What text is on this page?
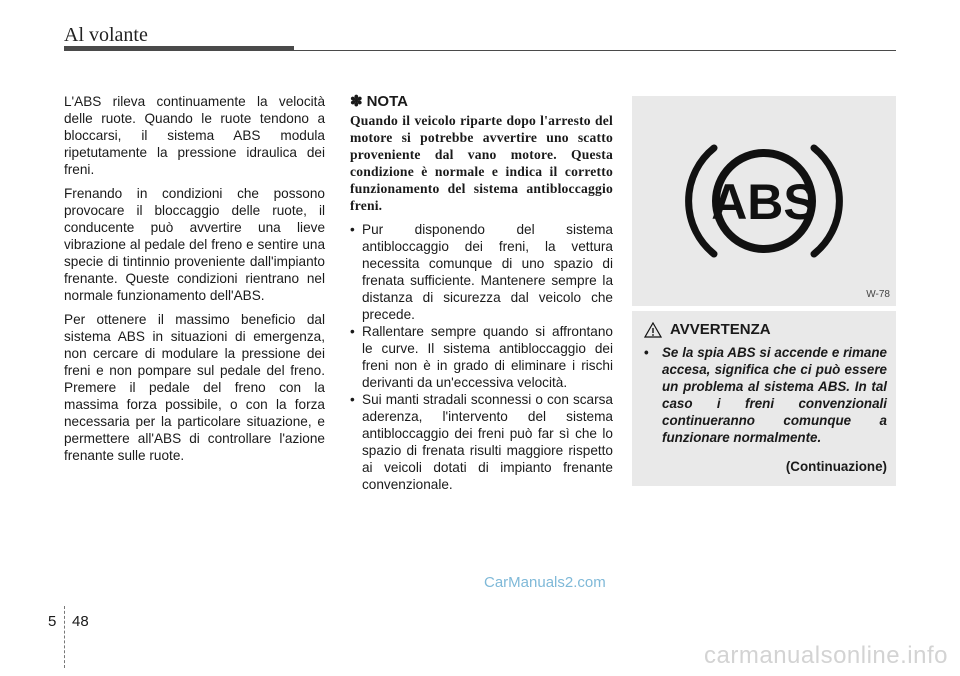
Al volante

L'ABS rileva continuamente la velocità delle ruote. Quando le ruote tendono a bloccarsi, il sistema ABS modula ripetutamente la pressione idraulica dei freni.

Frenando in condizioni che possono provocare il bloccaggio delle ruote, il conducente può avvertire una lieve vibrazione al pedale del freno e sentire una specie di tintinnio proveniente dall'impianto frenante. Queste condizioni rientrano nel normale funzionamento dell'ABS.

Per ottenere il massimo beneficio dal sistema ABS in situazioni di emergenza, non cercare di modulare la pressione dei freni e non pompare sul pedale del freno. Premere il pedale del freno con la massima forza possibile, o con la forza necessaria per la particolare situazione, e permettere all'ABS di controllare l'azione frenante sulle ruote.

✽ NOTA

Quando il veicolo riparte dopo l'arresto del motore si potrebbe avvertire uno scatto proveniente dal vano motore. Questa condizione è normale e indica il corretto funzionamento del sistema antibloccaggio freni.

• Pur disponendo del sistema antibloccaggio dei freni, la vettura necessita comunque di uno spazio di frenata sufficiente. Mantenere sempre la distanza di sicurezza dal veicolo che precede.
• Rallentare sempre quando si affrontano le curve. Il sistema antibloccaggio dei freni non è in grado di eliminare i rischi derivanti da un'eccessiva velocità.
• Sui manti stradali sconnessi o con scarsa aderenza, l'intervento del sistema antibloccaggio dei freni può far sì che lo spazio di frenata risulti maggiore rispetto ai veicoli dotati di impianto frenante convenzionale.
ABS
W-78
AVVERTENZA
• Se la spia ABS si accende e rimane accesa, significa che ci può essere un problema al sistema ABS. In tal caso i freni convenzionali continueranno comunque a funzionare normalmente.
(Continuazione)
CarManuals2.com
5 48
carmanualsonline.info
